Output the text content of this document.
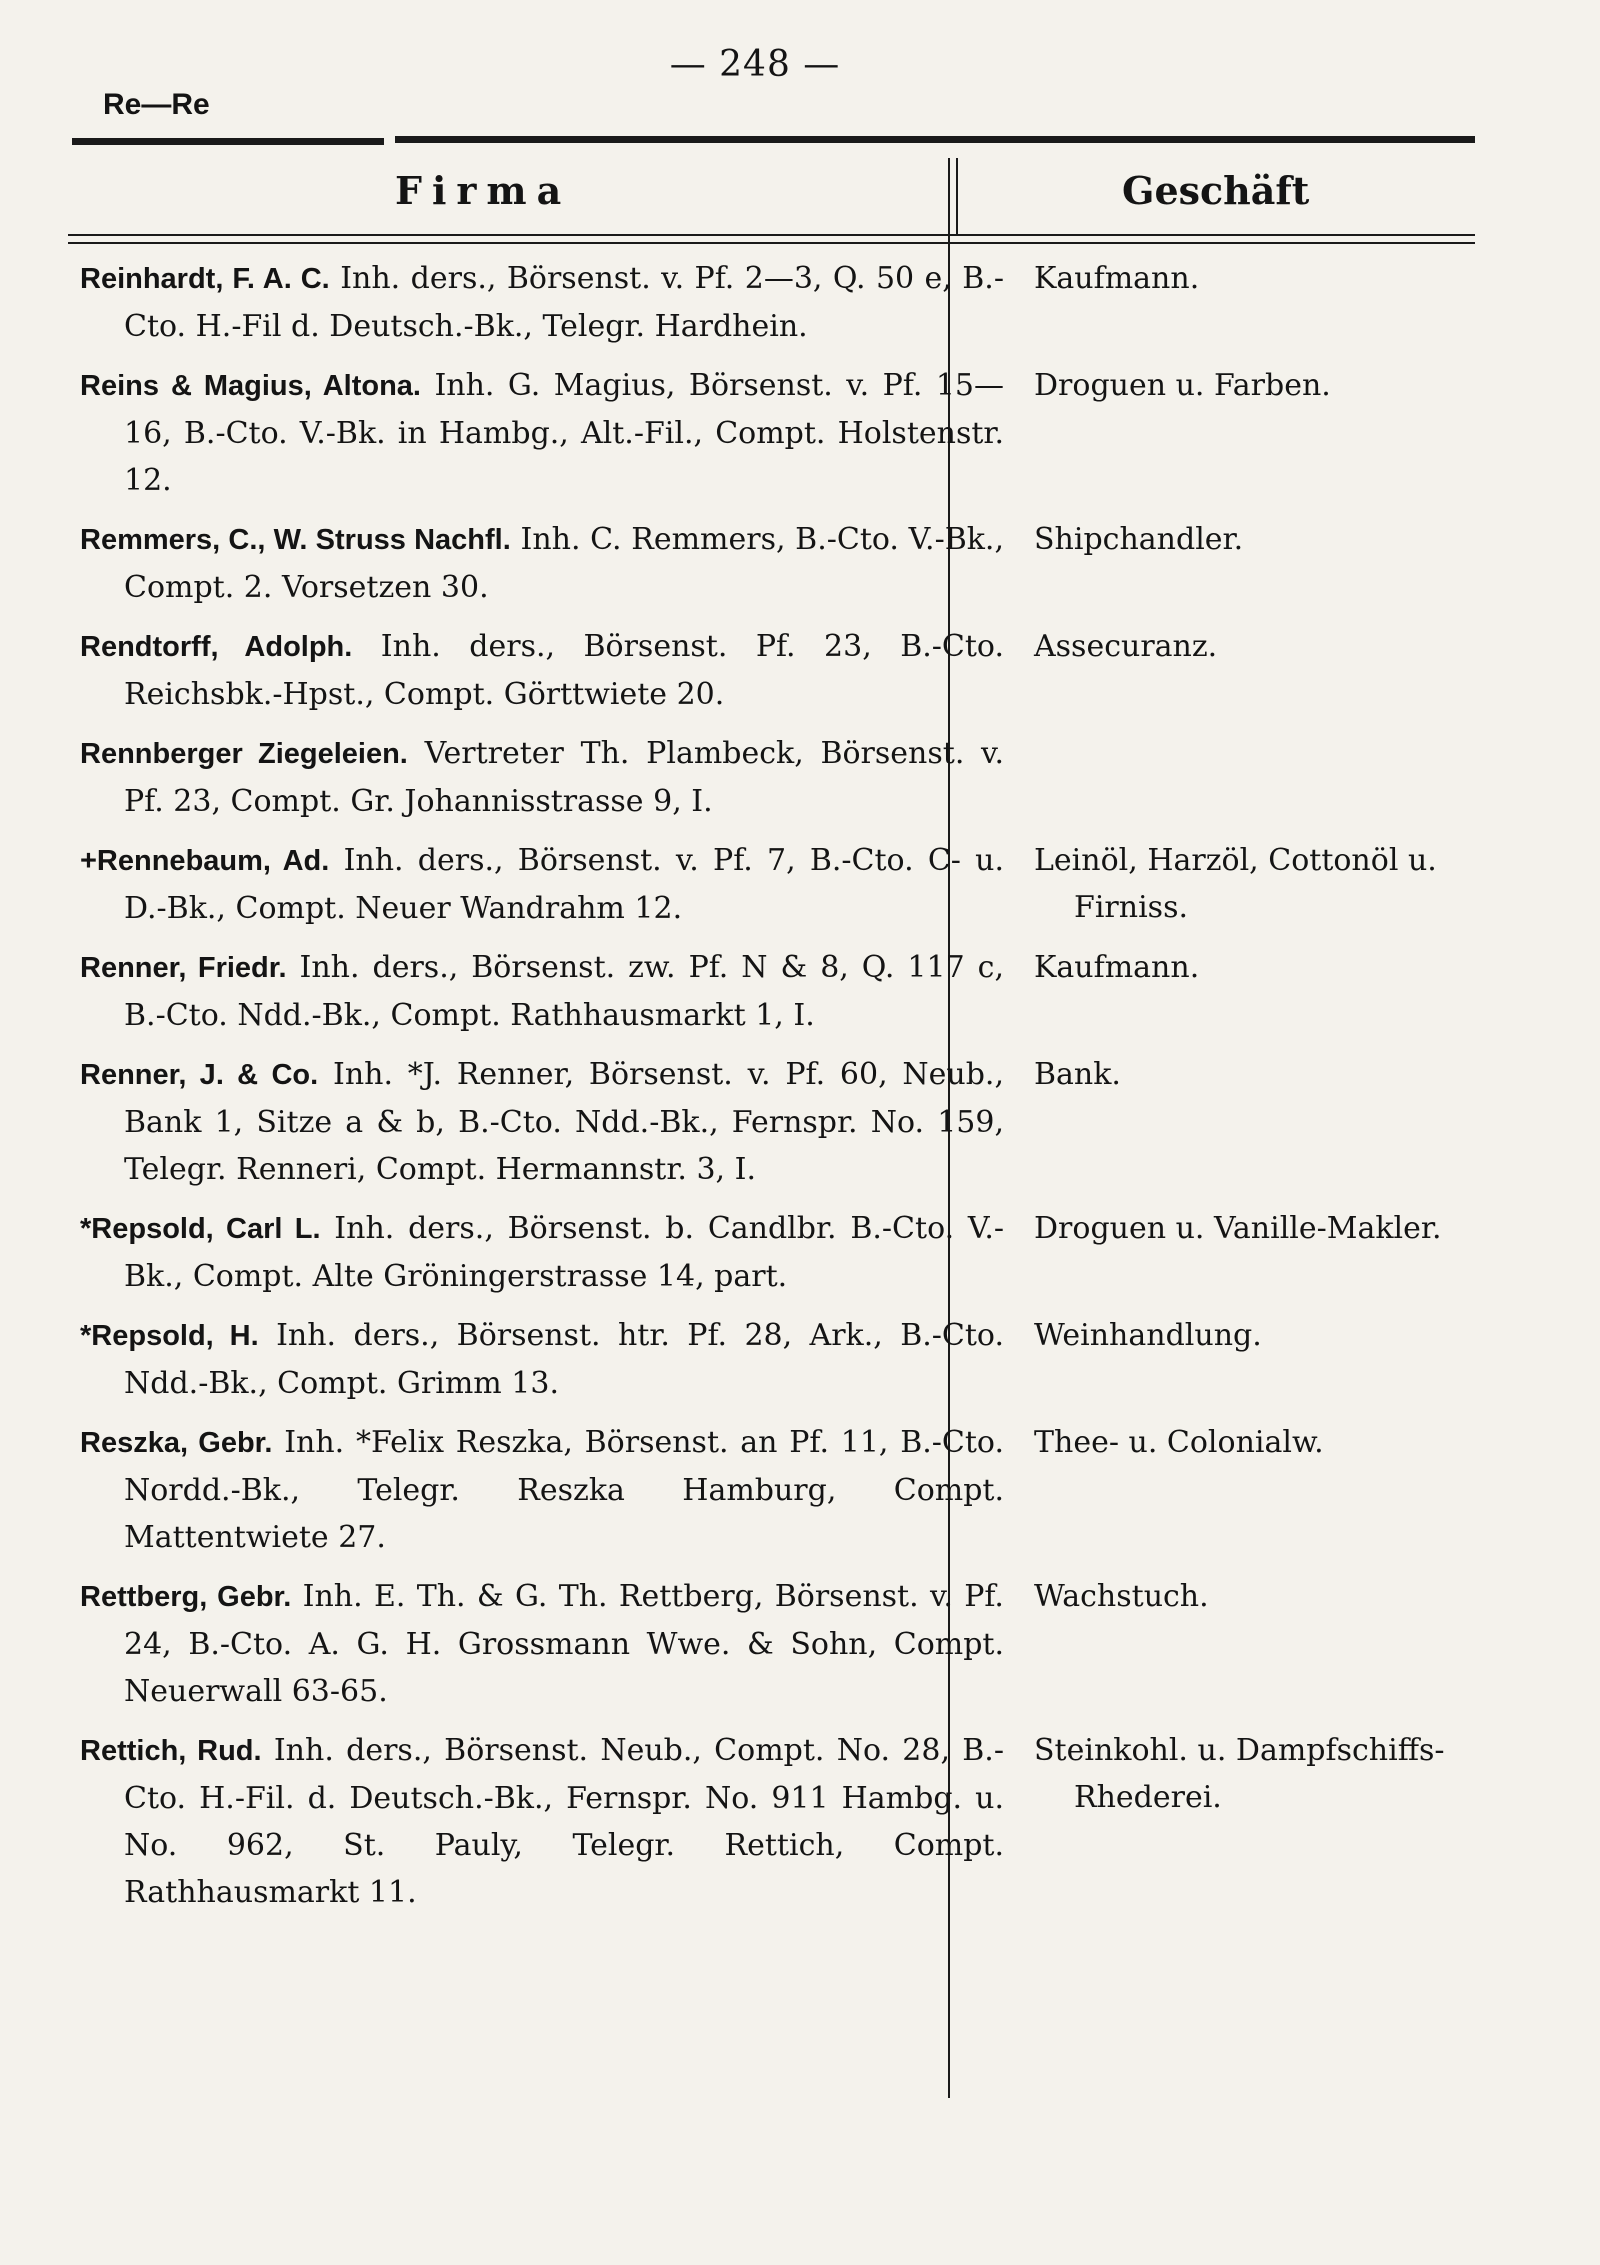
— 248 —
Re—Re
Firma	Geschäft
Reinhardt, F. A. C. Inh. ders., Börsenst. v. Pf. 2—3, Q. 50 e, B.-Cto. H.-Fil d. Deutsch.-Bk., Telegr. Hardhein.
Kaufmann.
Reins & Magius, Altona. Inh. G. Magius, Börsenst. v. Pf. 15—16, B.-Cto. V.-Bk. in Hambg., Alt.-Fil., Compt. Holstenstr. 12.
Droguen u. Farben.
Remmers, C., W. Struss Nachfl. Inh. C. Remmers, B.-Cto. V.-Bk., Compt. 2. Vorsetzen 30.
Shipchandler.
Rendtorff, Adolph. Inh. ders., Börsenst. Pf. 23, B.-Cto. Reichsbk.-Hpst., Compt. Görttwiete 20.
Assecuranz.
Rennberger Ziegeleien. Vertreter Th. Plambeck, Börsenst. v. Pf. 23, Compt. Gr. Johannisstrasse 9, I.
+Rennebaum, Ad. Inh. ders., Börsenst. v. Pf. 7, B.-Cto. C- u. D.-Bk., Compt. Neuer Wandrahm 12.
Leinöl, Harzöl, Cottonöl u. Firniss.
Renner, Friedr. Inh. ders., Börsenst. zw. Pf. N & 8, Q. 117 c, B.-Cto. Ndd.-Bk., Compt. Rathhausmarkt 1, I.
Kaufmann.
Renner, J. & Co. Inh. *J. Renner, Börsenst. v. Pf. 60, Neub., Bank 1, Sitze a & b, B.-Cto. Ndd.-Bk., Fernspr. No. 159, Telegr. Renneri, Compt. Hermannstr. 3, I.
Bank.
*Repsold, Carl L. Inh. ders., Börsenst. b. Candlbr. B.-Cto. V.-Bk., Compt. Alte Gröningerstrasse 14, part.
Droguen u. Vanille-Makler.
*Repsold, H. Inh. ders., Börsenst. htr. Pf. 28, Ark., B.-Cto. Ndd.-Bk., Compt. Grimm 13.
Weinhandlung.
Reszka, Gebr. Inh. *Felix Reszka, Börsenst. an Pf. 11, B.-Cto. Nordd.-Bk., Telegr. Reszka Hamburg, Compt. Mattentwiete 27.
Thee- u. Colonialw.
Rettberg, Gebr. Inh. E. Th. & G. Th. Rettberg, Börsenst. v. Pf. 24, B.-Cto. A. G. H. Grossmann Wwe. & Sohn, Compt. Neuerwall 63-65.
Wachstuch.
Rettich, Rud. Inh. ders., Börsenst. Neub., Compt. No. 28, B.-Cto. H.-Fil. d. Deutsch.-Bk., Fernspr. No. 911 Hambg. u. No. 962, St. Pauly, Telegr. Rettich, Compt. Rathhausmarkt 11.
Steinkohl. u. Dampfschiffs-Rhederei.
